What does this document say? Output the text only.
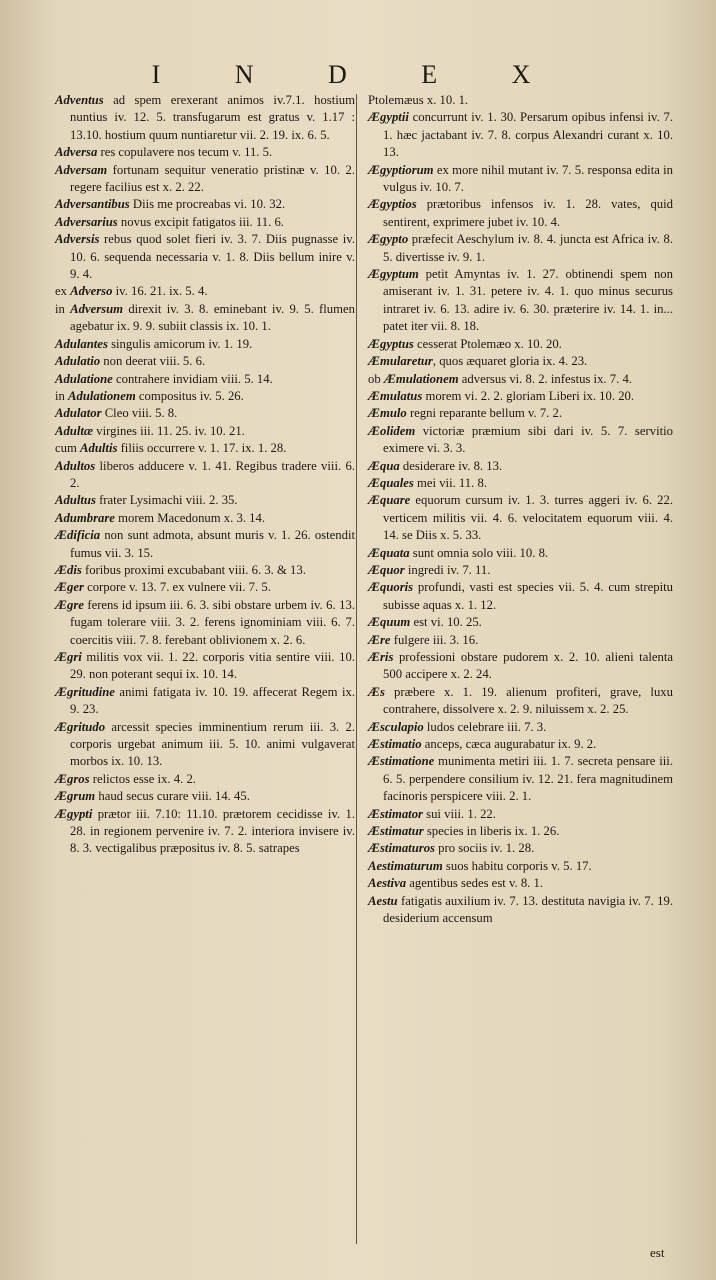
I N D E X

Adventus ad spem erexerant animos iv.7.1. hostium nuntius iv. 12. 5. transfugarum est gratus v. 1.17 : 13.10. hostium quum nuntiaretur vii. 2. 19. ix. 6. 5.

Adversa res copulavere nos tecum v. 11. 5.

Adversam fortunam sequitur veneratio pristinæ v. 10. 2. regere facilius est x. 2. 22.

Adversantibus Diis me procreabas vi. 10. 32.

Adversarius novus excipit fatigatos iii. 11. 6.

Adversis rebus quod solet fieri iv. 3. 7. Diis pugnasse iv. 10. 6. sequenda necessaria v. 1. 8. Diis bellum inire v. 9. 4.

ex Adverso iv. 16. 21. ix. 5. 4.

in Adversum direxit iv. 3. 8. eminebant iv. 9. 5. flumen agebatur ix. 9. 9. subiit classis ix. 10. 1.

Adulantes singulis amicorum iv. 1. 19.

Adulatio non deerat viii. 5. 6.

Adulatione contrahere invidiam viii. 5. 14.

in Adulationem compositus iv. 5. 26.

Adulator Cleo viii. 5. 8.

Adultæ virgines iii. 11. 25. iv. 10. 21.

cum Adultis filiis occurrere v. 1. 17. ix. 1. 28.

Adultos liberos adducere v. 1. 41. Regibus tradere viii. 6. 2.

Adultus frater Lysimachi viii. 2. 35.

Adumbrare morem Macedonum x. 3. 14.

Ædificia non sunt admota, absunt muris v. 1. 26. ostendit fumus vii. 3. 15.

Ædis foribus proximi excubabant viii. 6. 3. & 13.

Æger corpore v. 13. 7. ex vulnere vii. 7. 5.

Ægre ferens id ipsum iii. 6. 3. sibi obstare urbem iv. 6. 13. fugam tolerare viii. 3. 2. ferens ignominiam viii. 6. 7. coercitis viii. 7. 8. ferebant oblivionem x. 2. 6.

Ægri militis vox vii. 1. 22. corporis vitia sentire viii. 10. 29. non poterant sequi ix. 10. 14.

Ægritudine animi fatigata iv. 10. 19. affecerat Regem ix. 9. 23.

Ægritudo arcessit species imminentium rerum iii. 3. 2. corporis urgebat animum iii. 5. 10. animi vulgaverat morbos ix. 10. 13.

Ægros relictos esse ix. 4. 2.

Ægrum haud secus curare viii. 14. 45.

Ægypti prætor iii. 7.10: 11.10. prætorem cecidisse iv. 1. 28. in regionem pervenire iv. 7. 2. interiora invisere iv. 8. 3. vectigalibus præpositus iv. 8. 5. satrapes

Ptolemæus x. 10. 1.

Ægyptii concurrunt iv. 1. 30. Persarum opibus infensi iv. 7. 1. hæc jactabant iv. 7. 8. corpus Alexandri curant x. 10. 13.

Ægyptiorum ex more nihil mutant iv. 7. 5. responsa edita in vulgus iv. 10. 7.

Ægyptios prætoribus infensos iv. 1. 28. vates, quid sentirent, exprimere jubet iv. 10. 4.

Ægypto præfecit Aeschylum iv. 8. 4. juncta est Africa iv. 8. 5. divertisse iv. 9. 1.

Ægyptum petit Amyntas iv. 1. 27. obtinendi spem non amiserant iv. 1. 31. petere iv. 4. 1. quo minus securus intraret iv. 6. 13. adire iv. 6. 30. præterire iv. 14. 1. in... patet iter vii. 8. 18.

Ægyptus cesserat Ptolemæo x. 10. 20.

Æmularetur, quos æquaret gloria ix. 4. 23.

ob Æmulationem adversus vi. 8. 2. infestus ix. 7. 4.

Æmulatus morem vi. 2. 2. gloriam Liberi ix. 10. 20.

Æmulo regni reparante bellum v. 7. 2.

Æolidem victoriæ præmium sibi dari iv. 5. 7. servitio eximere vi. 3. 3.

Æqua desiderare iv. 8. 13.

Æquales mei vii. 11. 8.

Æquare equorum cursum iv. 1. 3. turres aggeri iv. 6. 22. verticem militis vii. 4. 6. velocitatem equorum viii. 4. 14. se Diis x. 5. 33.

Æquata sunt omnia solo viii. 10. 8.

Æquor ingredi iv. 7. 11.

Æquoris profundi, vasti est species vii. 5. 4. cum strepitu subisse aquas x. 1. 12.

Æquum est vi. 10. 25.

Ære fulgere iii. 3. 16.

Æris professioni obstare pudorem x. 2. 10. alieni talenta 500 accipere x. 2. 24.

Æs præbere x. 1. 19. alienum profiteri, grave, luxu contrahere, dissolvere x. 2. 9. niluissem x. 2. 25.

Æsculapio ludos celebrare iii. 7. 3.

Æstimatio anceps, cæca augurabatur ix. 9. 2.

Æstimatione munimenta metiri iii. 1. 7. secreta pensare iii. 6. 5. perpendere consilium iv. 12. 21. fera magnitudinem facinoris perspicere viii. 2. 1.

Æstimator sui viii. 1. 22.

Æstimatur species in liberis ix. 1. 26.

Æstimaturos pro sociis iv. 1. 28.

Aestimaturum suos habitu corporis v. 5. 17.

Aestiva agentibus sedes est v. 8. 1.

Aestu fatigatis auxilium iv. 7. 13. destituta navigia iv. 7. 19. desiderium accensum

est
